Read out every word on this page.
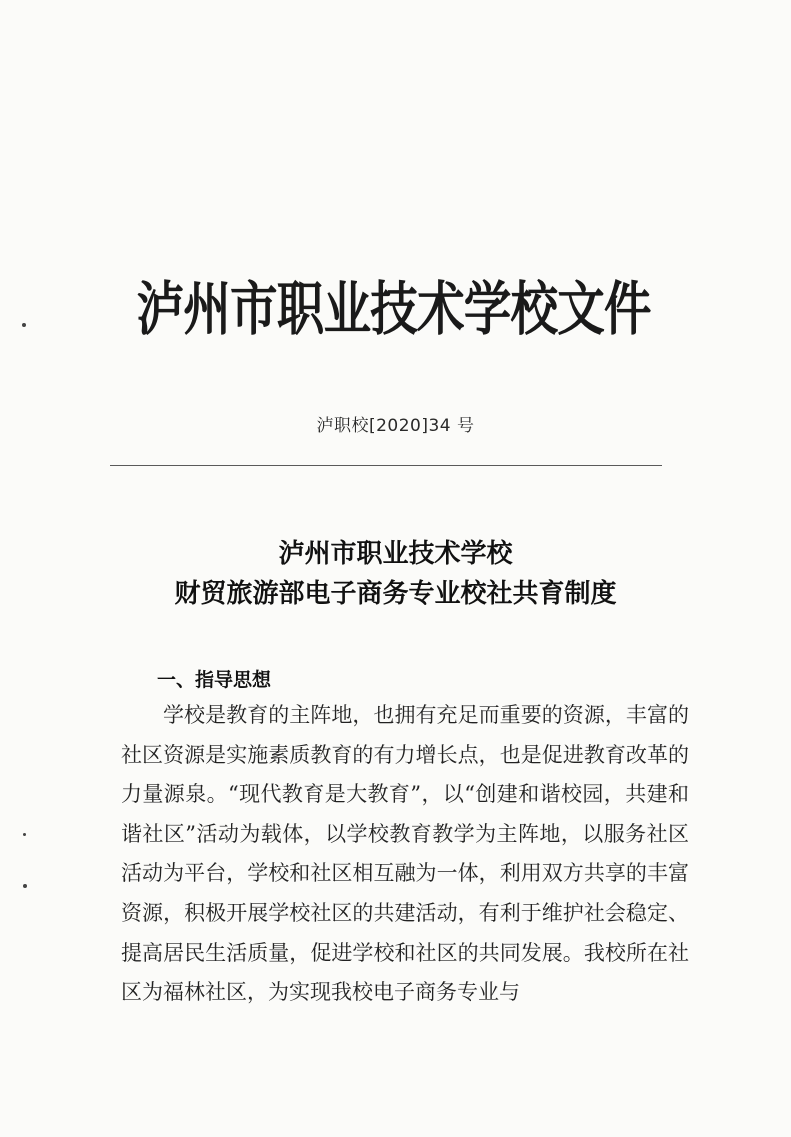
泸州市职业技术学校文件
泸职校[2020]34 号
泸州市职业技术学校
财贸旅游部电子商务专业校社共育制度
一、指导思想

学校是教育的主阵地，也拥有充足而重要的资源，丰富的社区资源是实施素质教育的有力增长点，也是促进教育改革的力量源泉。“现代教育是大教育”，以“创建和谐校园，共建和谐社区”活动为载体，以学校教育教学为主阵地，以服务社区活动为平台，学校和社区相互融为一体，利用双方共享的丰富资源，积极开展学校社区的共建活动，有利于维护社会稳定、提高居民生活质量，促进学校和社区的共同发展。我校所在社区为福林社区，为实现我校电子商务专业与
